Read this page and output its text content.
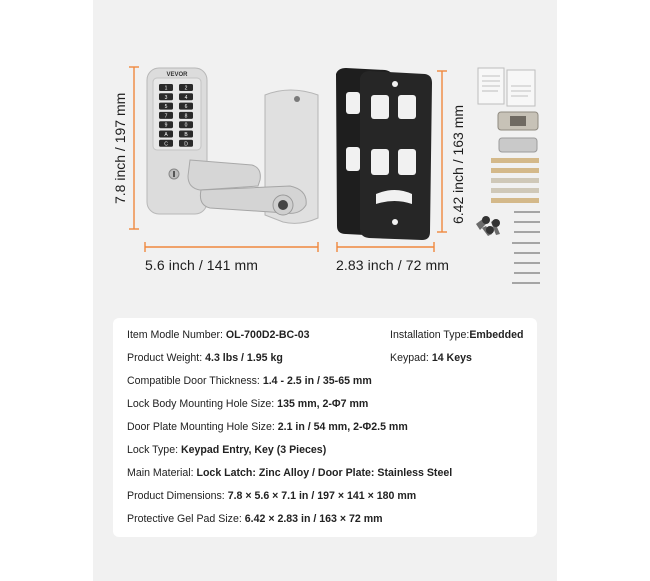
VEVOR
1	2
3	4
5	6
7	8
9	0
A	B
C	D
7.8 inch / 197 mm
5.6 inch / 141 mm	2.83 inch / 72 mm
6.42 inch / 163 mm
Item Modle Number: OL-700D2-BC-03	Installation Type:Embedded
Product Weight: 4.3 lbs / 1.95 kg	Keypad: 14 Keys
Compatible Door Thickness: 1.4 - 2.5 in / 35-65 mm
Lock Body Mounting Hole Size: 135 mm, 2-Φ7 mm
Door Plate Mounting Hole Size: 2.1 in / 54 mm, 2-Φ2.5 mm
Lock Type: Keypad Entry, Key (3 Pieces)
Main Material: Lock Latch: Zinc Alloy / Door Plate: Stainless Steel
Product Dimensions: 7.8 × 5.6 × 7.1 in / 197 × 141 × 180 mm
Protective Gel Pad Size: 6.42 × 2.83 in / 163 × 72 mm
